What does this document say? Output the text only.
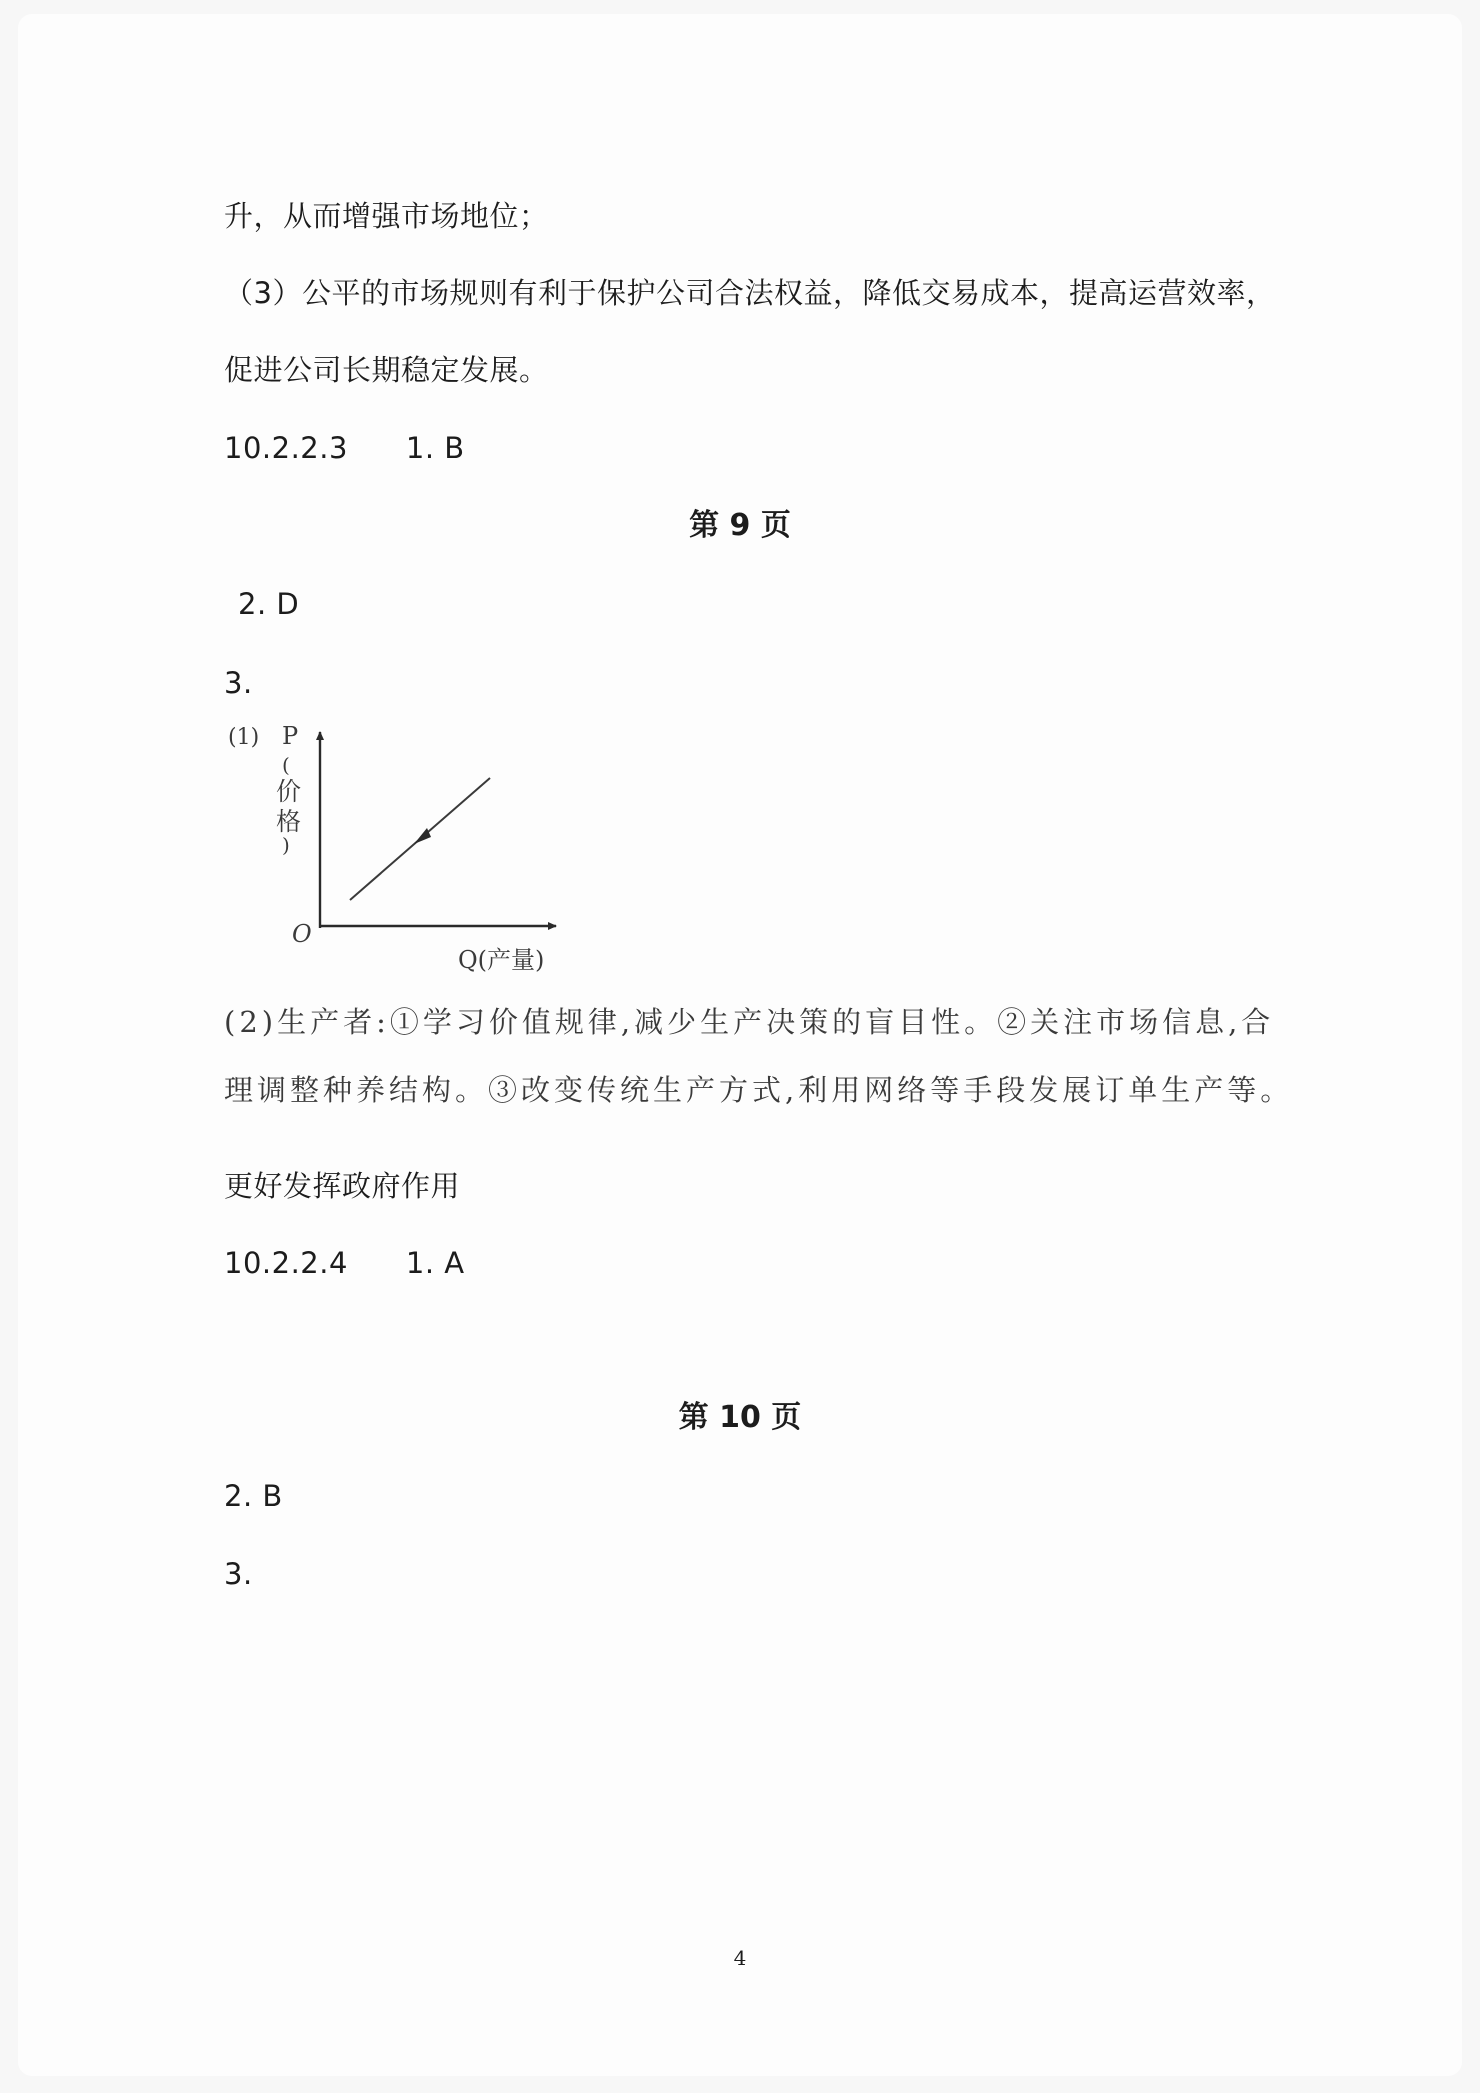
升，从而增强市场地位；
（3）公平的市场规则有利于保护公司合法权益，降低交易成本，提高运营效率，
促进公司长期稳定发展。
10.2.2.3 1. B
第 9 页
2. D
3.
(1) P
(
价
格
)
O
Q(产量)
(2)生产者:①学习价值规律,减少生产决策的盲目性。②关注市场信息,合
理调整种养结构。③改变传统生产方式,利用网络等手段发展订单生产等。
更好发挥政府作用
10.2.2.4 1. A
第 10 页
2. B
3.
4
